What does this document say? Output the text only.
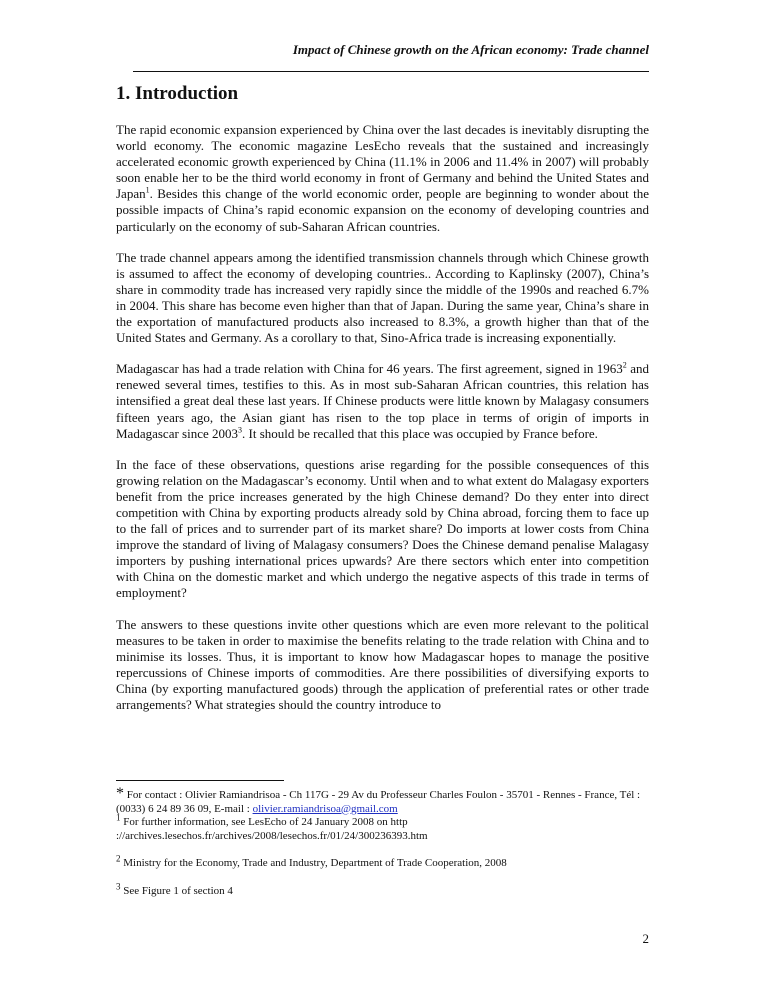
Impact of Chinese growth on the African economy: Trade channel
1. Introduction

The rapid economic expansion experienced by China over the last decades is inevitably disrupting the world economy. The economic magazine LesEcho reveals that the sustained and increasingly accelerated economic growth experienced by China (11.1% in 2006 and 11.4% in 2007) will probably soon enable her to be the third world economy in front of Germany and behind the United States and Japan$^1$. Besides this change of the world economic order, people are beginning to wonder about the possible impacts of China’s rapid economic expansion on the economy of developing countries and particularly on the economy of sub-Saharan African countries.

The trade channel appears among the identified transmission channels through which Chinese growth is assumed to affect the economy of developing countries.. According to Kaplinsky (2007), China’s share in commodity trade has increased very rapidly since the middle of the 1990s and reached 6.7% in 2004. This share has become even higher than that of Japan. During the same year, China’s share in the exportation of manufactured products also increased to 8.3%, a growth higher than that of the United States and Germany. As a corollary to that, Sino-Africa trade is increasing exponentially.

Madagascar has had a trade relation with China for 46 years. The first agreement, signed in 1963$^2$ and renewed several times, testifies to this. As in most sub-Saharan African countries, this relation has intensified a great deal these last years. If Chinese products were little known by Malagasy consumers fifteen years ago, the Asian giant has risen to the top place in terms of origin of imports in Madagascar since 2003$^3$. It should be recalled that this place was occupied by France before.

In the face of these observations, questions arise regarding for the possible consequences of this growing relation on the Madagascar’s economy. Until when and to what extent do Malagasy exporters benefit from the price increases generated by the high Chinese demand? Do they enter into direct competition with China by exporting products already sold by China abroad, forcing them to face up to the fall of prices and to surrender part of its market share? Do imports at lower costs from China improve the standard of living of Malagasy consumers? Does the Chinese demand penalise Malagasy importers by pushing international prices upwards? Are there sectors which enter into competition with China on the domestic market and which undergo the negative aspects of this trade in terms of employment?

The answers to these questions invite other questions which are even more relevant to the political measures to be taken in order to maximise the benefits relating to the trade relation with China and to minimise its losses. Thus, it is important to know how Madagascar hopes to manage the positive repercussions of Chinese imports of commodities. Are there possibilities of diversifying exports to China (by exporting manufactured goods) through the application of preferential rates or other trade arrangements? What strategies should the country introduce to

* For contact : Olivier Ramiandrisoa - Ch 117G - 29 Av du Professeur Charles Foulon - 35701 - Rennes - France, Tél : (0033) 6 24 89 36 09, E-mail : olivier.ramiandrisoa@gmail.com

$^1$ For further information, see LesEcho of 24 January 2008 on http ://archives.lesechos.fr/archives/2008/lesechos.fr/01/24/300236393.htm

$^2$ Ministry for the Economy, Trade and Industry, Department of Trade Cooperation, 2008

$^3$ See Figure 1 of section 4

2
